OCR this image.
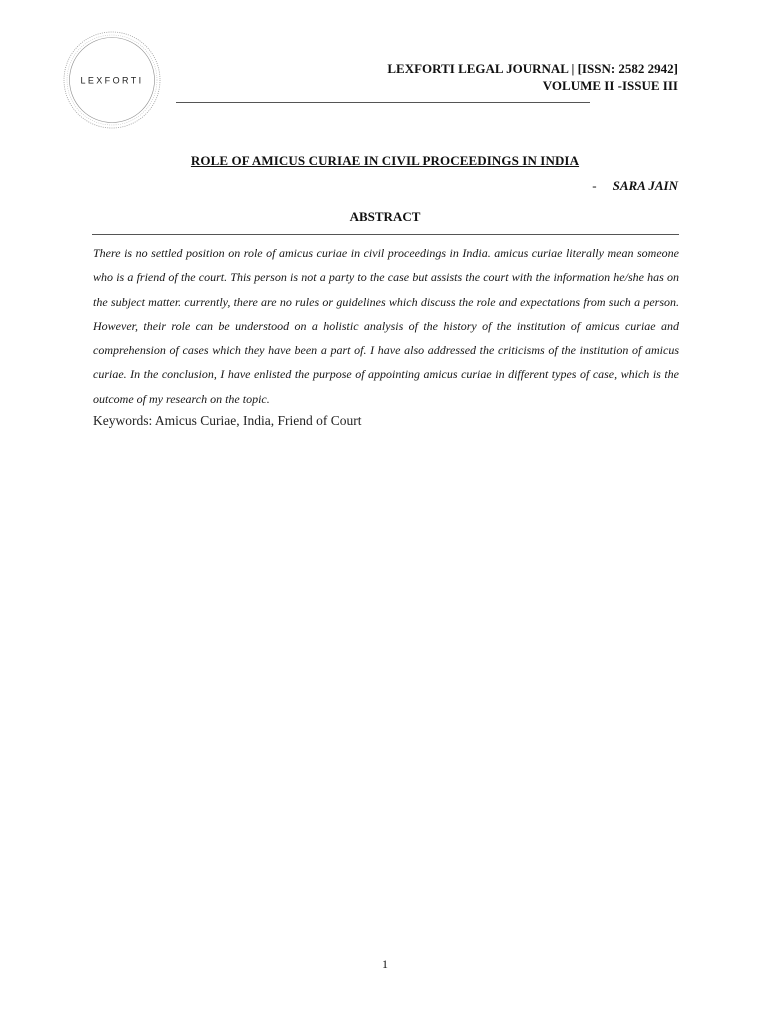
LEXFORTI
LEXFORTI LEGAL JOURNAL | [ISSN: 2582 2942]
VOLUME II -ISSUE III
ROLE OF AMICUS CURIAE IN CIVIL PROCEEDINGS IN INDIA
- SARA JAIN
ABSTRACT

There is no settled position on role of amicus curiae in civil proceedings in India. amicus curiae literally mean someone who is a friend of the court. This person is not a party to the case but assists the court with the information he/she has on the subject matter. currently, there are no rules or guidelines which discuss the role and expectations from such a person. However, their role can be understood on a holistic analysis of the history of the institution of amicus curiae and comprehension of cases which they have been a part of. I have also addressed the criticisms of the institution of amicus curiae. In the conclusion, I have enlisted the purpose of appointing amicus curiae in different types of case, which is the outcome of my research on the topic.

Keywords: Amicus Curiae, India, Friend of Court

1
